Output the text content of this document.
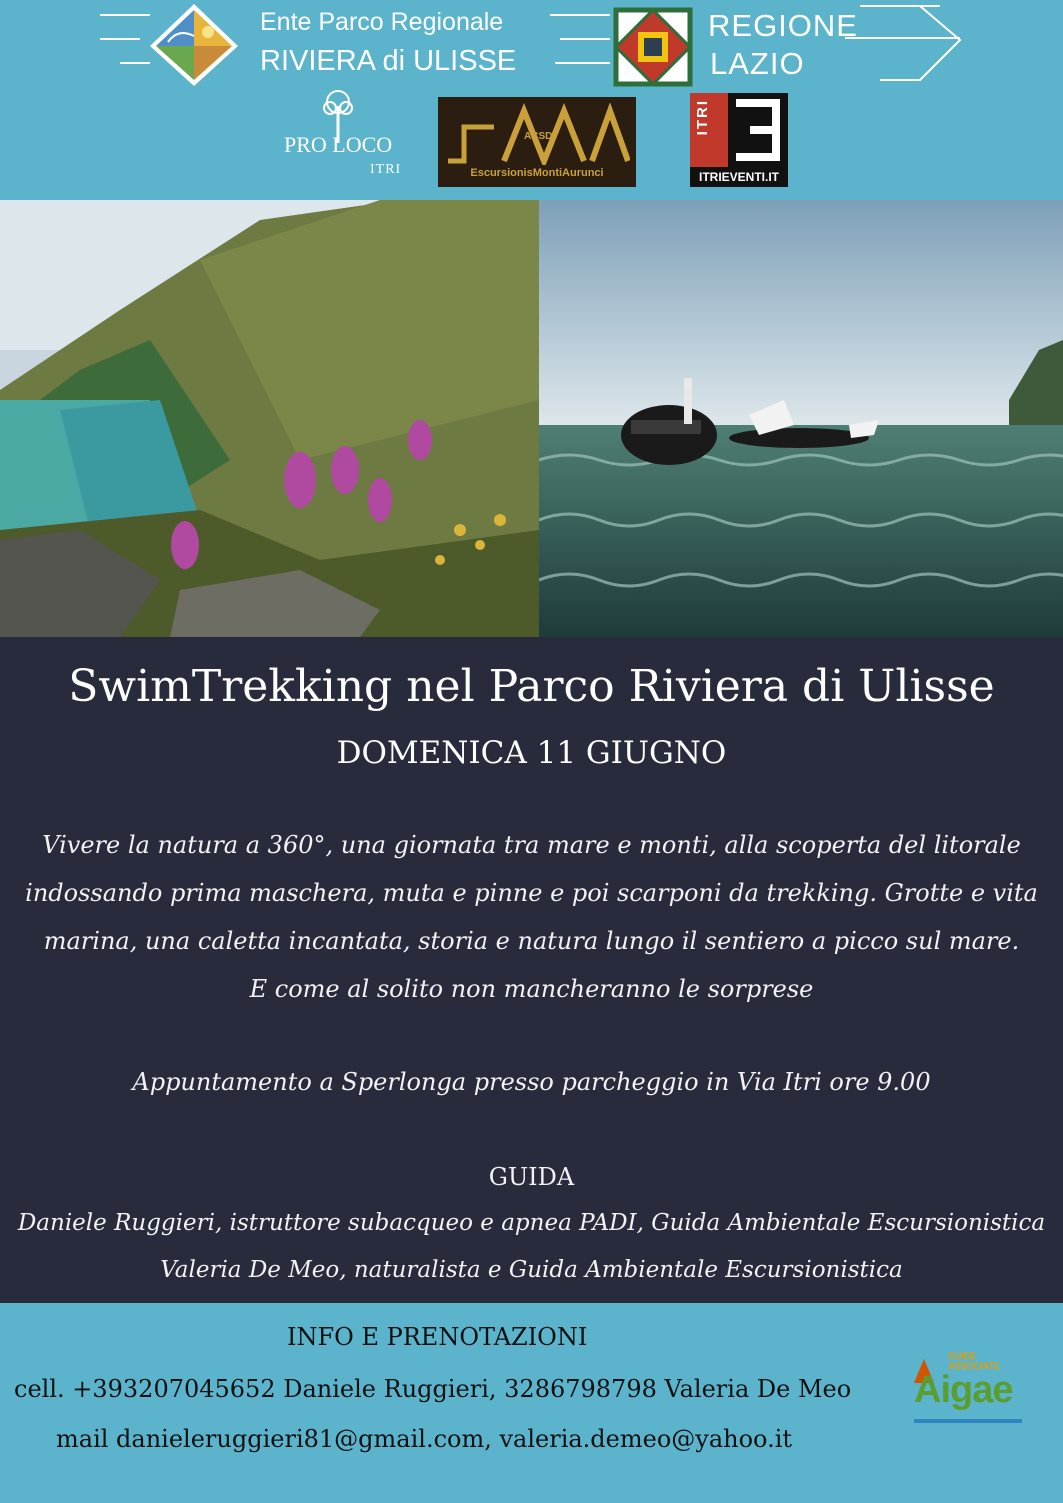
Ente Parco Regionale
RIVIERA di ULISSE
REGIONE
LAZIO
PRO LOCO
ITRI
ACSD
EscursionisMontiAurunci
ITRI
ITRIEVENTI.IT
SwimTrekking nel Parco Riviera di Ulisse
DOMENICA 11 GIUGNO
Vivere la natura a 360°, una giornata tra mare e monti, alla scoperta del litorale
indossando prima maschera, muta e pinne e poi scarponi da trekking. Grotte e vita
marina, una caletta incantata, storia e natura lungo il sentiero a picco sul mare.
E come al solito non mancheranno le sorprese
Appuntamento a Sperlonga presso parcheggio in Via Itri ore 9.00
GUIDA
Daniele Ruggieri, istruttore subacqueo e apnea PADI, Guida Ambientale Escursionistica
Valeria De Meo, naturalista e Guida Ambientale Escursionistica
INFO E PRENOTAZIONI
cell. +393207045652 Daniele Ruggieri, 3286798798 Valeria De Meo
mail danieleruggieri81@gmail.com, valeria.demeo@yahoo.it
GUIDE ASSOCIATE
Aigae
